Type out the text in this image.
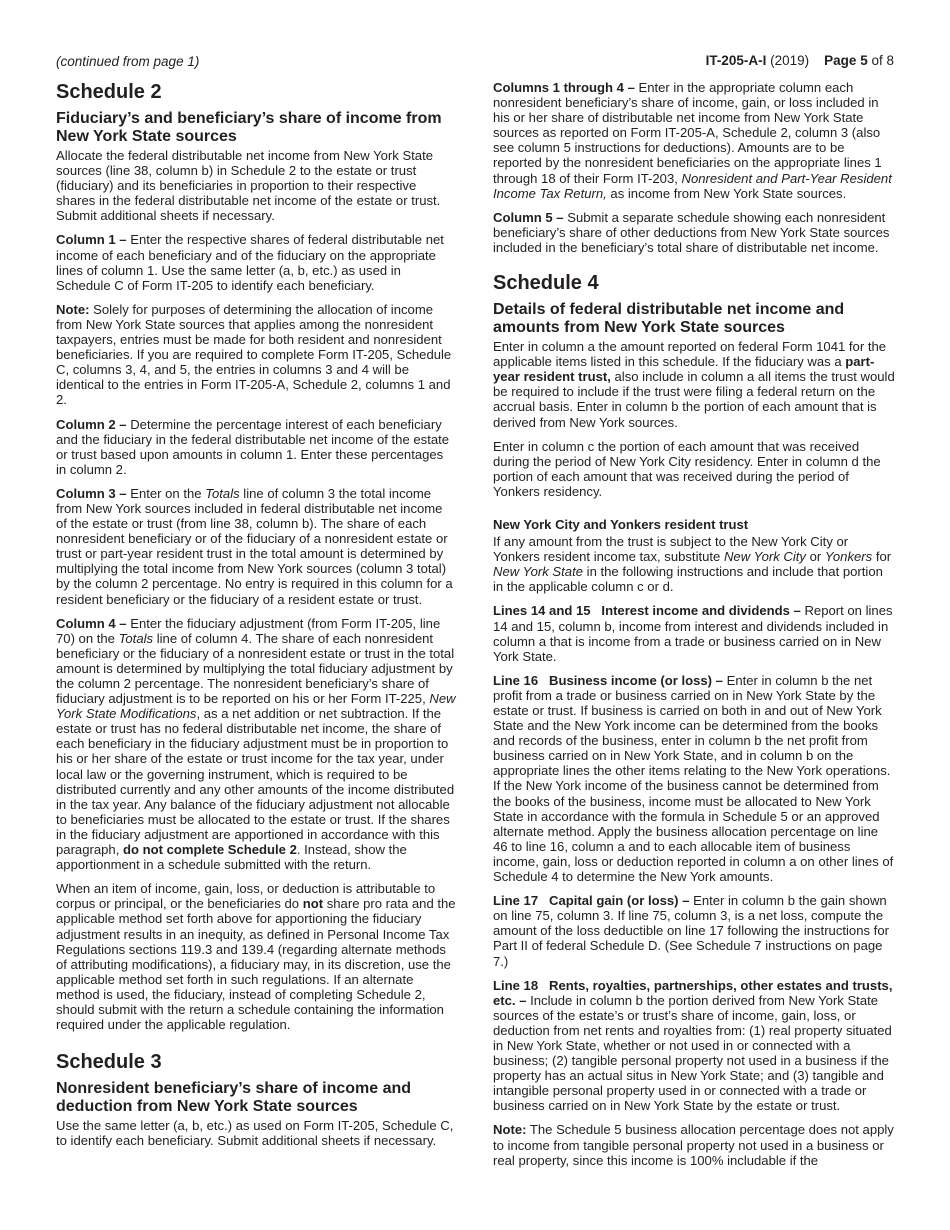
(continued from page 1)	IT-205-A-I (2019) Page 5 of 8
Schedule 2
Fiduciary’s and beneficiary’s share of income from New York State sources

Allocate the federal distributable net income from New York State sources (line 38, column b) in Schedule 2 to the estate or trust (fiduciary) and its beneficiaries in proportion to their respective shares in the federal distributable net income of the estate or trust. Submit additional sheets if necessary.

Column 1 – Enter the respective shares of federal distributable net income of each beneficiary and of the fiduciary on the appropriate lines of column 1. Use the same letter (a, b, etc.) as used in Schedule C of Form IT-205 to identify each beneficiary.

Note: Solely for purposes of determining the allocation of income from New York State sources that applies among the nonresident taxpayers, entries must be made for both resident and nonresident beneficiaries. If you are required to complete Form IT-205, Schedule C, columns 3, 4, and 5, the entries in columns 3 and 4 will be identical to the entries in Form IT-205-A, Schedule 2, columns 1 and 2.

Column 2 – Determine the percentage interest of each beneficiary and the fiduciary in the federal distributable net income of the estate or trust based upon amounts in column 1. Enter these percentages in column 2.

Column 3 – Enter on the Totals line of column 3 the total income from New York sources included in federal distributable net income of the estate or trust (from line 38, column b). The share of each nonresident beneficiary or of the fiduciary of a nonresident estate or trust or part-year resident trust in the total amount is determined by multiplying the total income from New York sources (column 3 total) by the column 2 percentage. No entry is required in this column for a resident beneficiary or the fiduciary of a resident estate or trust.

Column 4 – Enter the fiduciary adjustment (from Form IT-205, line 70) on the Totals line of column 4. The share of each nonresident beneficiary or the fiduciary of a nonresident estate or trust in the total amount is determined by multiplying the total fiduciary adjustment by the column 2 percentage. The nonresident beneficiary’s share of fiduciary adjustment is to be reported on his or her Form IT-225, New York State Modifications, as a net addition or net subtraction. If the estate or trust has no federal distributable net income, the share of each beneficiary in the fiduciary adjustment must be in proportion to his or her share of the estate or trust income for the tax year, under local law or the governing instrument, which is required to be distributed currently and any other amounts of the income distributed in the tax year. Any balance of the fiduciary adjustment not allocable to beneficiaries must be allocated to the estate or trust. If the shares in the fiduciary adjustment are apportioned in accordance with this paragraph, do not complete Schedule 2. Instead, show the apportionment in a schedule submitted with the return.

When an item of income, gain, loss, or deduction is attributable to corpus or principal, or the beneficiaries do not share pro rata and the applicable method set forth above for apportioning the fiduciary adjustment results in an inequity, as defined in Personal Income Tax Regulations sections 119.3 and 139.4 (regarding alternate methods of attributing modifications), a fiduciary may, in its discretion, use the applicable method set forth in such regulations. If an alternate method is used, the fiduciary, instead of completing Schedule 2, should submit with the return a schedule containing the information required under the applicable regulation.

Schedule 3
Nonresident beneficiary’s share of income and deduction from New York State sources

Use the same letter (a, b, etc.) as used on Form IT-205, Schedule C, to identify each beneficiary. Submit additional sheets if necessary.

Columns 1 through 4 – Enter in the appropriate column each nonresident beneficiary’s share of income, gain, or loss included in his or her share of distributable net income from New York State sources as reported on Form IT-205-A, Schedule 2, column 3 (also see column 5 instructions for deductions). Amounts are to be reported by the nonresident beneficiaries on the appropriate lines 1 through 18 of their Form IT-203, Nonresident and Part-Year Resident Income Tax Return, as income from New York State sources.

Column 5 – Submit a separate schedule showing each nonresident beneficiary’s share of other deductions from New York State sources included in the beneficiary’s total share of distributable net income.

Schedule 4
Details of federal distributable net income and amounts from New York State sources

Enter in column a the amount reported on federal Form 1041 for the applicable items listed in this schedule. If the fiduciary was a part-year resident trust, also include in column a all items the trust would be required to include if the trust were filing a federal return on the accrual basis. Enter in column b the portion of each amount that is derived from New York sources.

Enter in column c the portion of each amount that was received during the period of New York City residency. Enter in column d the portion of each amount that was received during the period of Yonkers residency.

New York City and Yonkers resident trust

If any amount from the trust is subject to the New York City or Yonkers resident income tax, substitute New York City or Yonkers for New York State in the following instructions and include that portion in the applicable column c or d.

Lines 14 and 15   Interest income and dividends – Report on lines 14 and 15, column b, income from interest and dividends included in column a that is income from a trade or business carried on in New York State.

Line 16   Business income (or loss) – Enter in column b the net profit from a trade or business carried on in New York State by the estate or trust. If business is carried on both in and out of New York State and the New York income can be determined from the books and records of the business, enter in column b the net profit from business carried on in New York State, and in column b on the appropriate lines the other items relating to the New York operations. If the New York income of the business cannot be determined from the books of the business, income must be allocated to New York State in accordance with the formula in Schedule 5 or an approved alternate method. Apply the business allocation percentage on line 46 to line 16, column a and to each allocable item of business income, gain, loss or deduction reported in column a on other lines of Schedule 4 to determine the New York amounts.

Line 17   Capital gain (or loss) – Enter in column b the gain shown on line 75, column 3. If line 75, column 3, is a net loss, compute the amount of the loss deductible on line 17 following the instructions for Part II of federal Schedule D. (See Schedule 7 instructions on page 7.)

Line 18   Rents, royalties, partnerships, other estates and trusts, etc. – Include in column b the portion derived from New York State sources of the estate’s or trust’s share of income, gain, loss, or deduction from net rents and royalties from: (1) real property situated in New York State, whether or not used in or connected with a business; (2) tangible personal property not used in a business if the property has an actual situs in New York State; and (3) tangible and intangible personal property used in or connected with a trade or business carried on in New York State by the estate or trust.

Note: The Schedule 5 business allocation percentage does not apply to income from tangible personal property not used in a business or real property, since this income is 100% includable if the
